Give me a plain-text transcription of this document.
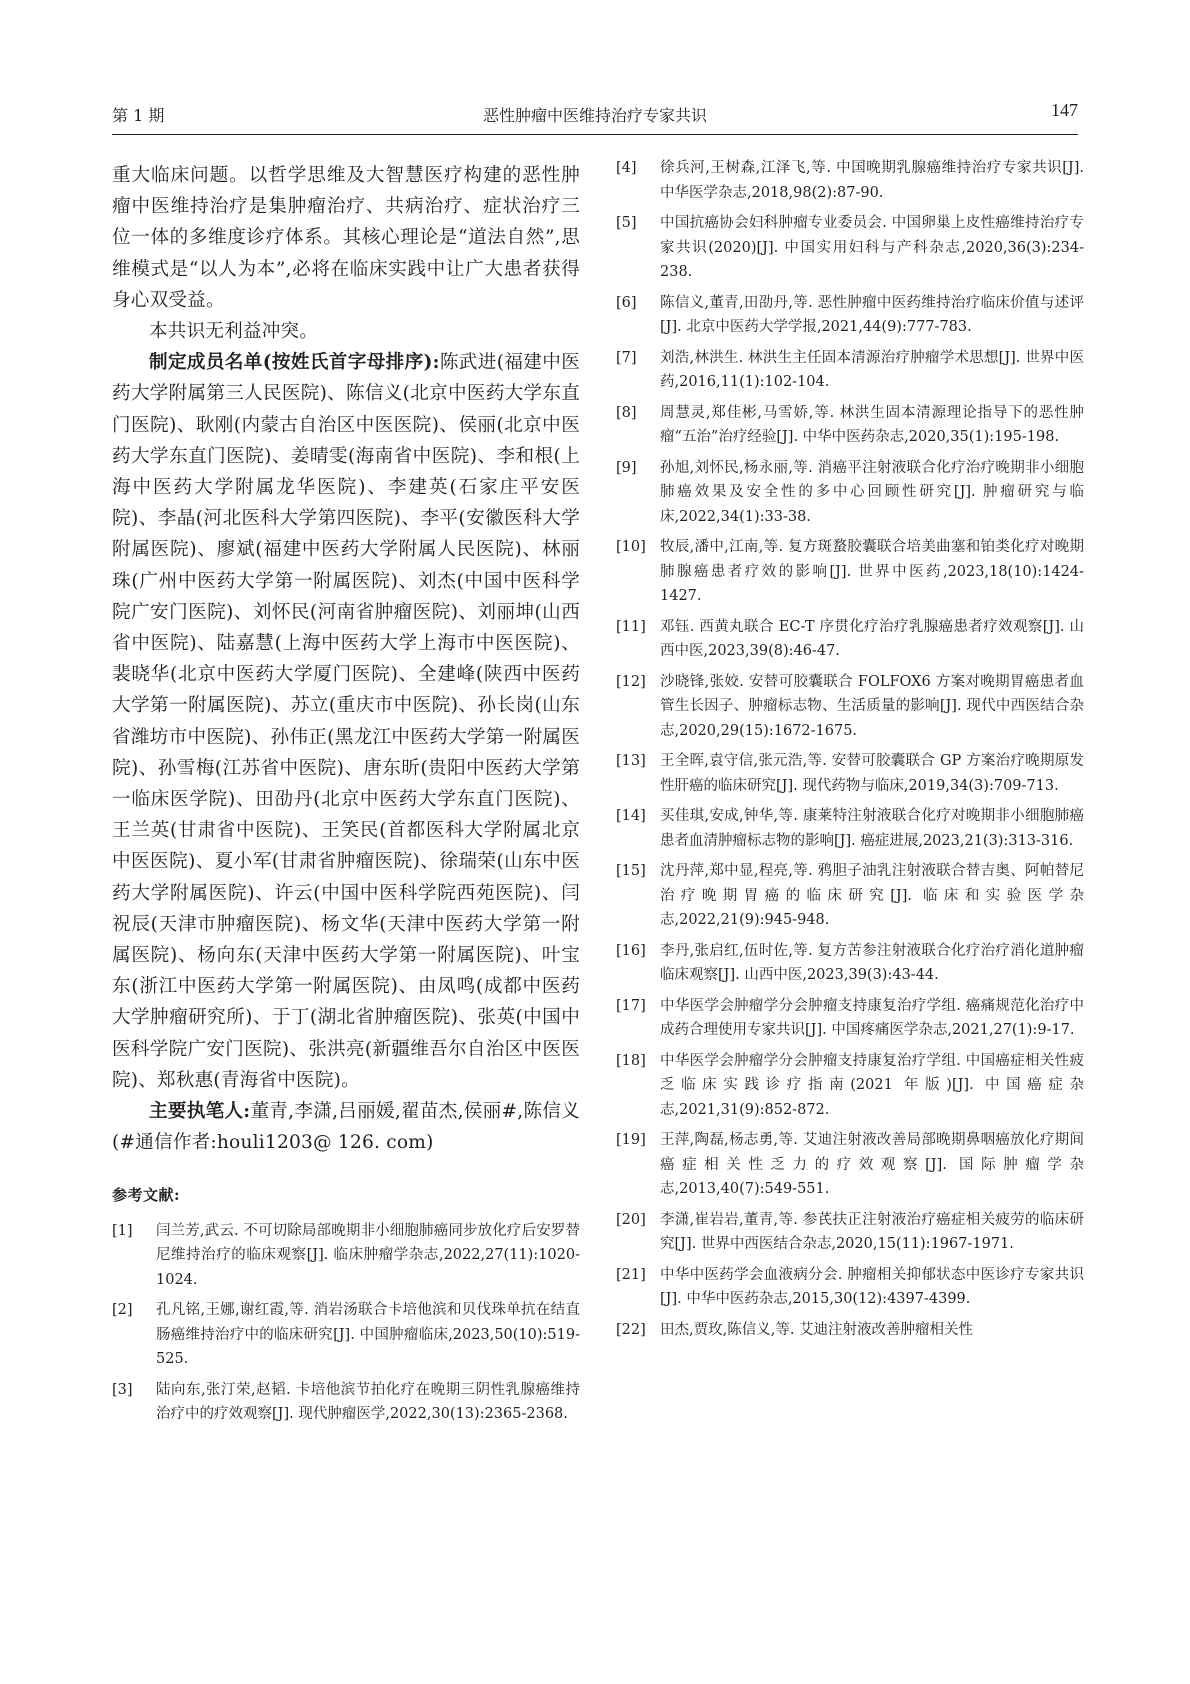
第 1 期	恶性肿瘤中医维持治疗专家共识	147

重大临床问题。以哲学思维及大智慧医疗构建的恶性肿瘤中医维持治疗是集肿瘤治疗、共病治疗、症状治疗三位一体的多维度诊疗体系。其核心理论是“道法自然”,思维模式是“以人为本”,必将在临床实践中让广大患者获得身心双受益。

本共识无利益冲突。

制定成员名单(按姓氏首字母排序):陈武进(福建中医药大学附属第三人民医院)、陈信义(北京中医药大学东直门医院)、耿刚(内蒙古自治区中医医院)、侯丽(北京中医药大学东直门医院)、姜晴雯(海南省中医院)、李和根(上海中医药大学附属龙华医院)、李建英(石家庄平安医院)、李晶(河北医科大学第四医院)、李平(安徽医科大学附属医院)、廖斌(福建中医药大学附属人民医院)、林丽珠(广州中医药大学第一附属医院)、刘杰(中国中医科学院广安门医院)、刘怀民(河南省肿瘤医院)、刘丽坤(山西省中医院)、陆嘉慧(上海中医药大学上海市中医医院)、裴晓华(北京中医药大学厦门医院)、全建峰(陕西中医药大学第一附属医院)、苏立(重庆市中医院)、孙长岗(山东省潍坊市中医院)、孙伟正(黑龙江中医药大学第一附属医院)、孙雪梅(江苏省中医院)、唐东昕(贵阳中医药大学第一临床医学院)、田劭丹(北京中医药大学东直门医院)、王兰英(甘肃省中医院)、王笑民(首都医科大学附属北京中医医院)、夏小军(甘肃省肿瘤医院)、徐瑞荣(山东中医药大学附属医院)、许云(中国中医科学院西苑医院)、闫祝辰(天津市肿瘤医院)、杨文华(天津中医药大学第一附属医院)、杨向东(天津中医药大学第一附属医院)、叶宝东(浙江中医药大学第一附属医院)、由凤鸣(成都中医药大学肿瘤研究所)、于丁(湖北省肿瘤医院)、张英(中国中医科学院广安门医院)、张洪亮(新疆维吾尔自治区中医医院)、郑秋惠(青海省中医院)。

主要执笔人:董青,李潇,吕丽媛,翟苗杰,侯丽#,陈信义(#通信作者:houli1203@ 126. com)

参考文献:

[1]	闫兰芳,武云. 不可切除局部晚期非小细胞肺癌同步放化疗后安罗替尼维持治疗的临床观察[J]. 临床肿瘤学杂志,2022,27(11):1020-1024.

[2]	孔凡铭,王娜,谢红霞,等. 消岩汤联合卡培他滨和贝伐珠单抗在结直肠癌维持治疗中的临床研究[J]. 中国肿瘤临床,2023,50(10):519-525.

[3]	陆向东,张汀荣,赵韬. 卡培他滨节拍化疗在晚期三阴性乳腺癌维持治疗中的疗效观察[J]. 现代肿瘤医学,2022,30(13):2365-2368.

[4]	徐兵河,王树森,江泽飞,等. 中国晚期乳腺癌维持治疗专家共识[J]. 中华医学杂志,2018,98(2):87-90.

[5]	中国抗癌协会妇科肿瘤专业委员会. 中国卵巢上皮性癌维持治疗专家共识(2020)[J]. 中国实用妇科与产科杂志,2020,36(3):234-238.

[6]	陈信义,董青,田劭丹,等. 恶性肿瘤中医药维持治疗临床价值与述评[J]. 北京中医药大学学报,2021,44(9):777-783.

[7]	刘浩,林洪生. 林洪生主任固本清源治疗肿瘤学术思想[J]. 世界中医药,2016,11(1):102-104.

[8]	周慧灵,郑佳彬,马雪娇,等. 林洪生固本清源理论指导下的恶性肿瘤“五治”治疗经验[J]. 中华中医药杂志,2020,35(1):195-198.

[9]	孙旭,刘怀民,杨永丽,等. 消癌平注射液联合化疗治疗晚期非小细胞肺癌效果及安全性的多中心回顾性研究[J]. 肿瘤研究与临床,2022,34(1):33-38.

[10] 牧辰,潘中,江南,等. 复方斑蝥胶囊联合培美曲塞和铂类化疗对晚期肺腺癌患者疗效的影响[J]. 世界中医药,2023,18(10):1424-1427.

[11] 邓钰. 西黄丸联合 EC-T 序贯化疗治疗乳腺癌患者疗效观察[J]. 山西中医,2023,39(8):46-47.

[12] 沙晓锋,张姣. 安替可胶囊联合 FOLFOX6 方案对晚期胃癌患者血管生长因子、肿瘤标志物、生活质量的影响[J]. 现代中西医结合杂志,2020,29(15):1672-1675.

[13] 王全晖,袁守信,张元浩,等. 安替可胶囊联合 GP 方案治疗晚期原发性肝癌的临床研究[J]. 现代药物与临床,2019,34(3):709-713.

[14] 买佳琪,安成,钟华,等. 康莱特注射液联合化疗对晚期非小细胞肺癌患者血清肿瘤标志物的影响[J]. 癌症进展,2023,21(3):313-316.

[15] 沈丹萍,郑中显,程亮,等. 鸦胆子油乳注射液联合替吉奥、阿帕替尼治疗晚期胃癌的临床研究[J]. 临床和实验医学杂志,2022,21(9):945-948.

[16] 李丹,张启红,伍时佐,等. 复方苦参注射液联合化疗治疗消化道肿瘤临床观察[J]. 山西中医,2023,39(3):43-44.

[17] 中华医学会肿瘤学分会肿瘤支持康复治疗学组. 癌痛规范化治疗中成药合理使用专家共识[J]. 中国疼痛医学杂志,2021,27(1):9-17.

[18] 中华医学会肿瘤学分会肿瘤支持康复治疗学组. 中国癌症相关性疲乏临床实践诊疗指南(2021 年版)[J]. 中国癌症杂志,2021,31(9):852-872.

[19] 王萍,陶磊,杨志勇,等. 艾迪注射液改善局部晚期鼻咽癌放化疗期间癌症相关性乏力的疗效观察[J]. 国际肿瘤学杂志,2013,40(7):549-551.

[20] 李潇,崔岩岩,董青,等. 参芪扶正注射液治疗癌症相关疲劳的临床研究[J]. 世界中西医结合杂志,2020,15(11):1967-1971.

[21] 中华中医药学会血液病分会. 肿瘤相关抑郁状态中医诊疗专家共识[J]. 中华中医药杂志,2015,30(12):4397-4399.

[22] 田杰,贾玫,陈信义,等. 艾迪注射液改善肿瘤相关性
